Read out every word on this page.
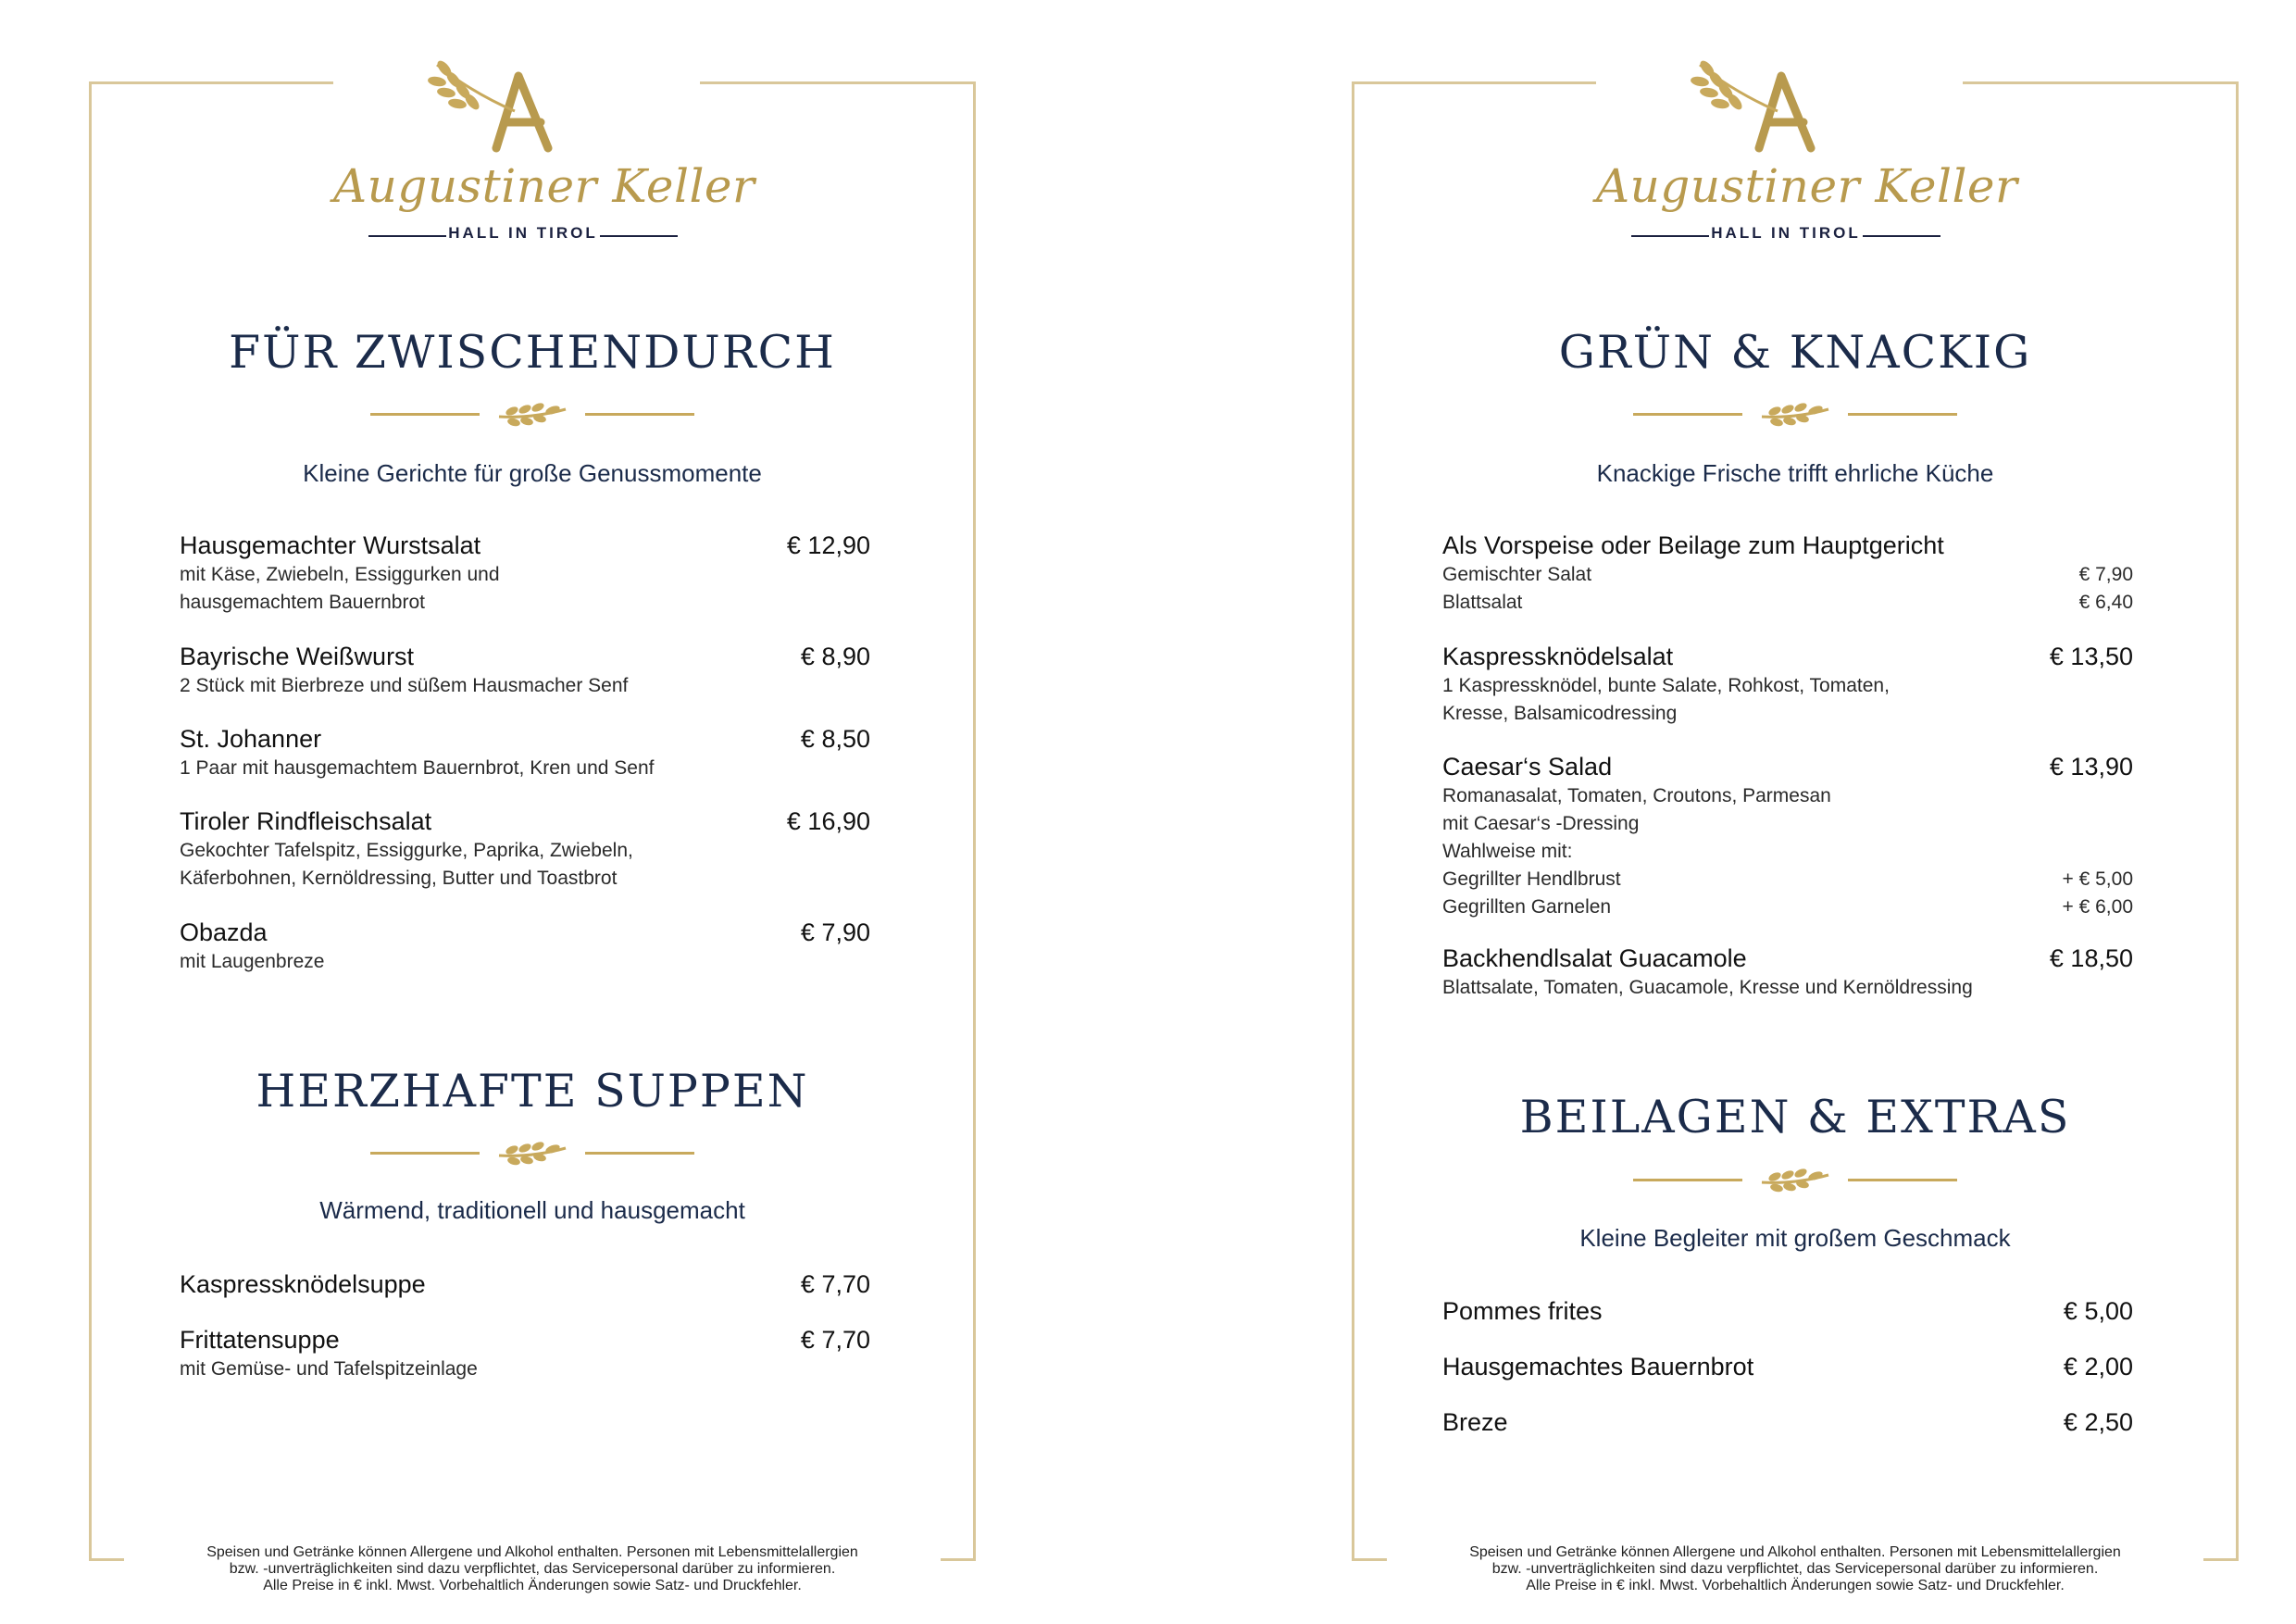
Augustiner Keller
HALL IN TIROL
FÜR ZWISCHENDURCH
Kleine Gerichte für große Genussmomente
Hausgemachter Wurstsalat	€ 12,90
mit Käse, Zwiebeln, Essiggurken und
hausgemachtem Bauernbrot
Bayrische Weißwurst	€ 8,90
2 Stück mit Bierbreze und süßem Hausmacher Senf
St. Johanner	€ 8,50
1 Paar mit hausgemachtem Bauernbrot, Kren und Senf
Tiroler Rindfleischsalat	€ 16,90
Gekochter Tafelspitz, Essiggurke, Paprika, Zwiebeln,
Käferbohnen, Kernöldressing, Butter und Toastbrot
Obazda	€ 7,90
mit Laugenbreze
HERZHAFTE SUPPEN
Wärmend, traditionell und hausgemacht
Kaspressknödelsuppe	€ 7,70
Frittatensuppe	€ 7,70
mit Gemüse- und Tafelspitzeinlage
Speisen und Getränke können Allergene und Alkohol enthalten. Personen mit Lebensmittelallergien
bzw. -unverträglichkeiten sind dazu verpflichtet, das Servicepersonal darüber zu informieren.
Alle Preise in € inkl. Mwst. Vorbehaltlich Änderungen sowie Satz- und Druckfehler.
Augustiner Keller
HALL IN TIROL
GRÜN & KNACKIG
Knackige Frische trifft ehrliche Küche
Als Vorspeise oder Beilage zum Hauptgericht
Gemischter Salat	€ 7,90
Blattsalat	€ 6,40
Kaspressknödelsalat	€ 13,50
1 Kaspressknödel, bunte Salate, Rohkost, Tomaten,
Kresse, Balsamicodressing
Caesar‘s Salad	€ 13,90
Romanasalat, Tomaten, Croutons, Parmesan
mit Caesar‘s -Dressing
Wahlweise mit:
Gegrillter Hendlbrust	+ € 5,00
Gegrillten Garnelen	+ € 6,00
Backhendlsalat Guacamole	€ 18,50
Blattsalate, Tomaten, Guacamole, Kresse und Kernöldressing
BEILAGEN & EXTRAS
Kleine Begleiter mit großem Geschmack
Pommes frites	€ 5,00
Hausgemachtes Bauernbrot	€ 2,00
Breze	€ 2,50
Speisen und Getränke können Allergene und Alkohol enthalten. Personen mit Lebensmittelallergien
bzw. -unverträglichkeiten sind dazu verpflichtet, das Servicepersonal darüber zu informieren.
Alle Preise in € inkl. Mwst. Vorbehaltlich Änderungen sowie Satz- und Druckfehler.
